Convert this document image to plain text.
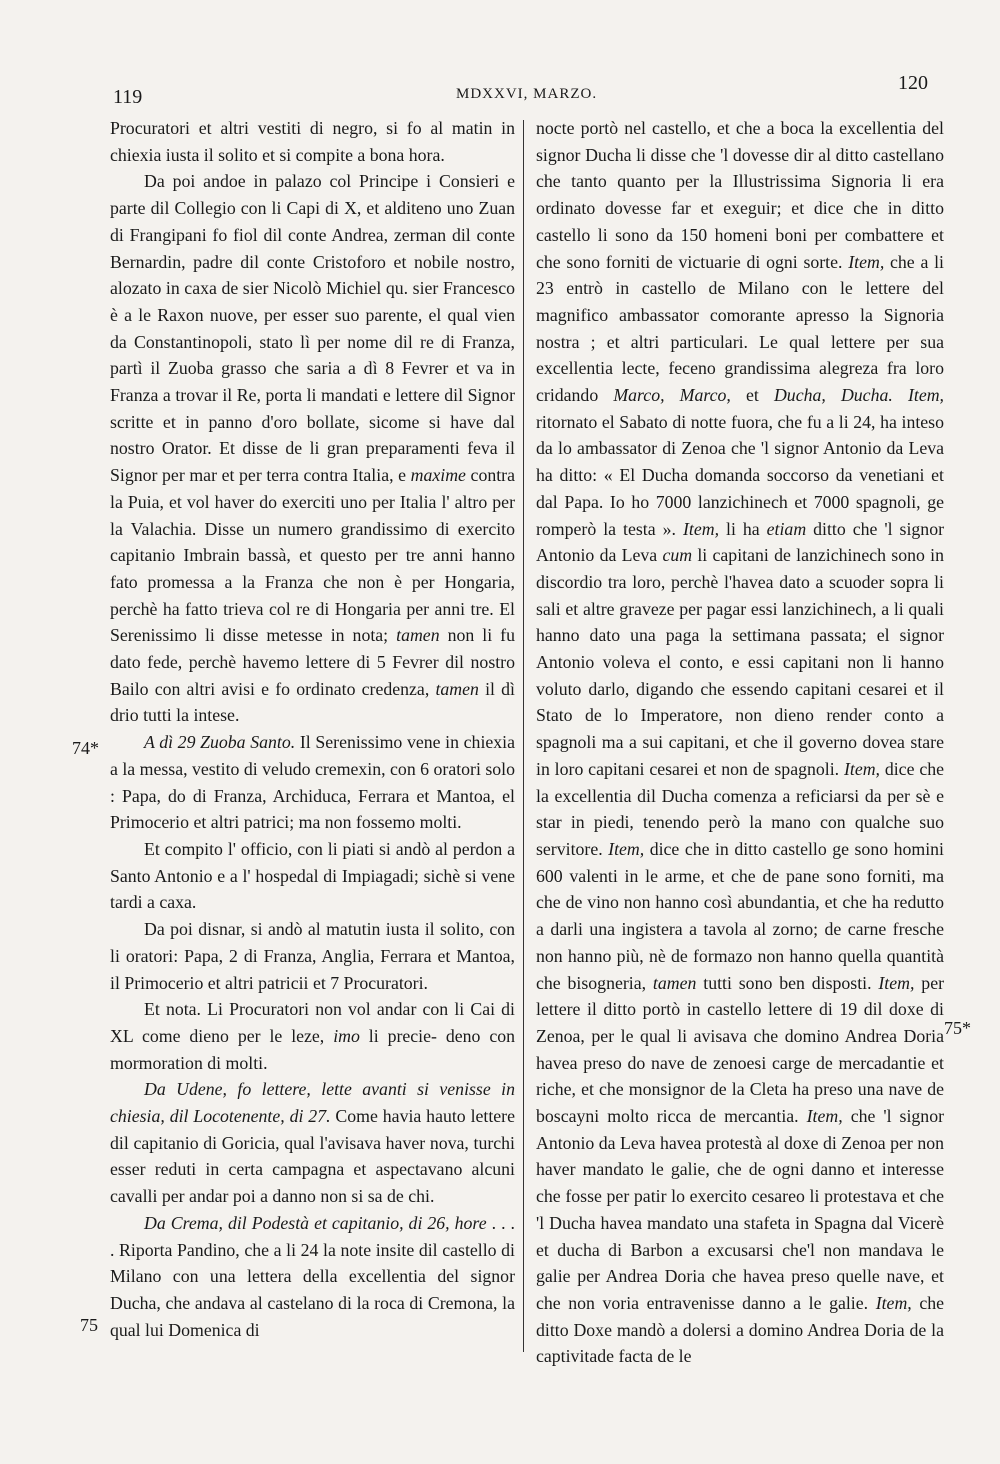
119	MDXXVI, MARZO.	120
74*
75
75*

Procuratori et altri vestiti di negro, si fo al matin in chiexia iusta il solito et si compite a bona hora.

Da poi andoe in palazo col Principe i Consieri e parte dil Collegio con li Capi di X, et alditeno uno Zuan di Frangipani fo fiol dil conte Andrea, zerman dil conte Bernardin, padre dil conte Cristoforo et nobile nostro, alozato in caxa de sier Nicolò Michiel qu. sier Francesco è a le Raxon nuove, per esser suo parente, el qual vien da Constantinopoli, stato lì per nome dil re di Franza, partì il Zuoba grasso che saria a dì 8 Fevrer et va in Franza a trovar il Re, porta li mandati e lettere dil Signor scritte et in panno d'oro bollate, sicome si have dal nostro Orator. Et disse de li gran preparamenti feva il Signor per mar et per terra contra Italia, e maxime contra la Puia, et vol haver do exerciti uno per Italia l' altro per la Valachia. Disse un numero grandissimo di exercito capitanio Imbrain bassà, et questo per tre anni hanno fato promessa a la Franza che non è per Hongaria, perchè ha fatto trieva col re di Hongaria per anni tre. El Serenissimo li disse metesse in nota; tamen non li fu dato fede, perchè havemo lettere di 5 Fevrer dil nostro Bailo con altri avisi e fo ordinato credenza, tamen il dì drio tutti la intese.

A dì 29 Zuoba Santo. Il Serenissimo vene in chiexia a la messa, vestito di veludo cremexin, con 6 oratori solo : Papa, do di Franza, Archiduca, Ferrara et Mantoa, el Primocerio et altri patrici; ma non fossemo molti.

Et compito l' officio, con li piati si andò al perdon a Santo Antonio e a l' hospedal di Impiagadi; sichè si vene tardi a caxa.

Da poi disnar, si andò al matutin iusta il solito, con li oratori: Papa, 2 di Franza, Anglia, Ferrara et Mantoa, il Primocerio et altri patricii et 7 Procuratori.

Et nota. Li Procuratori non vol andar con li Cai di XL come dieno per le leze, imo li precie- deno con mormoration di molti.

Da Udene, fo lettere, lette avanti si venisse in chiesia, dil Locotenente, di 27. Come havia hauto lettere dil capitanio di Goricia, qual l'avisava haver nova, turchi esser reduti in certa campagna et aspectavano alcuni cavalli per andar poi a danno non si sa de chi.

Da Crema, dil Podestà et capitanio, di 26, hore . . . . Riporta Pandino, che a li 24 la note insite dil castello di Milano con una lettera della excellentia del signor Ducha, che andava al castelano di la roca di Cremona, la qual lui Domenica di

nocte portò nel castello, et che a boca la excellentia del signor Ducha li disse che 'l dovesse dir al ditto castellano che tanto quanto per la Illustrissima Signoria li era ordinato dovesse far et exeguir; et dice che in ditto castello li sono da 150 homeni boni per combattere et che sono forniti de victuarie di ogni sorte. Item, che a li 23 entrò in castello de Milano con le lettere del magnifico ambassator comorante apresso la Signoria nostra ; et altri particulari. Le qual lettere per sua excellentia lecte, feceno grandissima alegreza fra loro cridando Marco, Marco, et Ducha, Ducha. Item, ritornato el Sabato di notte fuora, che fu a li 24, ha inteso da lo ambassator di Zenoa che 'l signor Antonio da Leva ha ditto: « El Ducha domanda soccorso da venetiani et dal Papa. Io ho 7000 lanzichinech et 7000 spagnoli, ge romperò la testa ». Item, li ha etiam ditto che 'l signor Antonio da Leva cum li capitani de lanzichinech sono in discordio tra loro, perchè l'havea dato a scuoder sopra li sali et altre graveze per pagar essi lanzichinech, a li quali hanno dato una paga la settimana passata; el signor Antonio voleva el conto, e essi capitani non li hanno voluto darlo, digando che essendo capitani cesarei et il Stato de lo Imperatore, non dieno render conto a spagnoli ma a sui capitani, et che il governo dovea stare in loro capitani cesarei et non de spagnoli. Item, dice che la excellentia dil Ducha comenza a reficiarsi da per sè e star in piedi, tenendo però la mano con qualche suo servitore. Item, dice che in ditto castello ge sono homini 600 valenti in le arme, et che de pane sono forniti, ma che de vino non hanno così abundantia, et che ha redutto a darli una ingistera a tavola al zorno; de carne fresche non hanno più, nè de formazo non hanno quella quantità che bisogneria, tamen tutti sono ben disposti. Item, per lettere il ditto portò in castello lettere di 19 dil doxe di Zenoa, per le qual li avisava che domino Andrea Doria havea preso do nave de zenoesi carge de mercadantie et riche, et che monsignor de la Cleta ha preso una nave de boscayni molto ricca de mercantia. Item, che 'l signor Antonio da Leva havea protestà al doxe di Zenoa per non haver mandato le galie, che de ogni danno et interesse che fosse per patir lo exercito cesareo li protestava et che 'l Ducha havea mandato una stafeta in Spagna dal Vicerè et ducha di Barbon a excusarsi che'l non mandava le galie per Andrea Doria che havea preso quelle nave, et che non voria entravenisse danno a le galie. Item, che ditto Doxe mandò a dolersi a domino Andrea Doria de la captivitade facta de le
